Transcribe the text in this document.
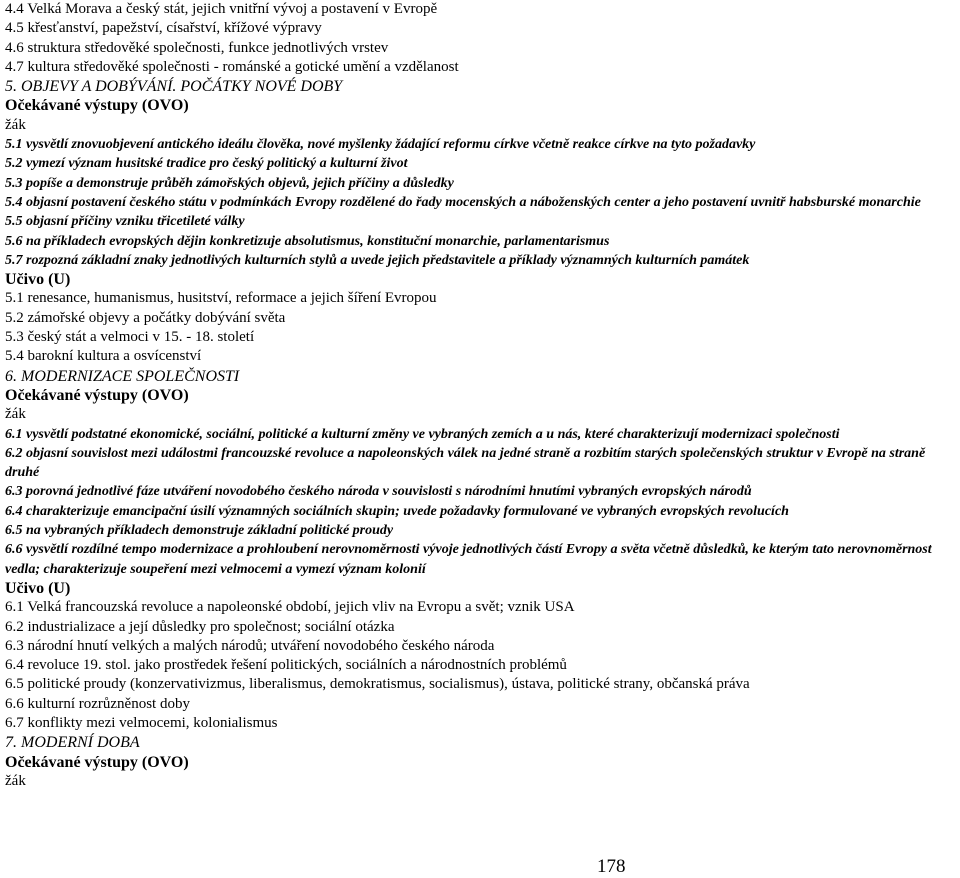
4.4 Velká Morava a český stát, jejich vnitřní vývoj a postavení v Evropě
4.5 křesťanství, papežství, císařství, křížové výpravy
4.6 struktura středověké společnosti, funkce jednotlivých vrstev
4.7 kultura středověké společnosti - románské a gotické umění a vzdělanost
5. OBJEVY A DOBÝVÁNÍ. POČÁTKY NOVÉ DOBY
Očekávané výstupy (OVO)
žák
5.1 vysvětlí znovuobjevení antického ideálu člověka, nové myšlenky žádající reformu církve včetně reakce církve na tyto požadavky
5.2 vymezí význam husitské tradice pro český politický a kulturní život
5.3 popíše a demonstruje průběh zámořských objevů, jejich příčiny a důsledky
5.4 objasní postavení českého státu v podmínkách Evropy rozdělené do řady mocenských a náboženských center a jeho postavení uvnitř habsburské monarchie
5.5 objasní příčiny vzniku třicetileté války
5.6 na příkladech evropských dějin konkretizuje absolutismus, konstituční monarchie, parlamentarismus
5.7 rozpozná základní znaky jednotlivých kulturních stylů a uvede jejich představitele a příklady významných kulturních památek
Učivo (U)
5.1 renesance, humanismus, husitství, reformace a jejich šíření Evropou
5.2 zámořské objevy a počátky dobývání světa
5.3 český stát a velmoci v 15. - 18. století
5.4 barokní kultura a osvícenství
6. MODERNIZACE SPOLEČNOSTI
Očekávané výstupy (OVO)
žák
6.1 vysvětlí podstatné ekonomické, sociální, politické a kulturní změny ve vybraných zemích a u nás, které charakterizují modernizaci společnosti
6.2 objasní souvislost mezi událostmi francouzské revoluce a napoleonských válek na jedné straně a rozbitím starých společenských struktur v Evropě na straně druhé
6.3 porovná jednotlivé fáze utváření novodobého českého národa v souvislosti s národními hnutími vybraných evropských národů
6.4 charakterizuje emancipační úsilí významných sociálních skupin; uvede požadavky formulované ve vybraných evropských revolucích
6.5 na vybraných příkladech demonstruje základní politické proudy
6.6 vysvětlí rozdílné tempo modernizace a prohloubení nerovnoměrnosti vývoje jednotlivých částí Evropy a světa včetně důsledků, ke kterým tato nerovnoměrnost vedla; charakterizuje soupeření mezi velmocemi a vymezí význam kolonií
Učivo (U)
6.1 Velká francouzská revoluce a napoleonské období, jejich vliv na Evropu a svět; vznik USA
6.2 industrializace a její důsledky pro společnost; sociální otázka
6.3 národní hnutí velkých a malých národů; utváření novodobého českého národa
6.4 revoluce 19. stol. jako prostředek řešení politických, sociálních a národnostních problémů
6.5 politické proudy (konzervativizmus, liberalismus, demokratismus, socialismus), ústava, politické strany, občanská práva
6.6 kulturní rozrůzněnost doby
6.7 konflikty mezi velmocemi, kolonialismus
7. MODERNÍ DOBA
Očekávané výstupy (OVO)
žák
178
